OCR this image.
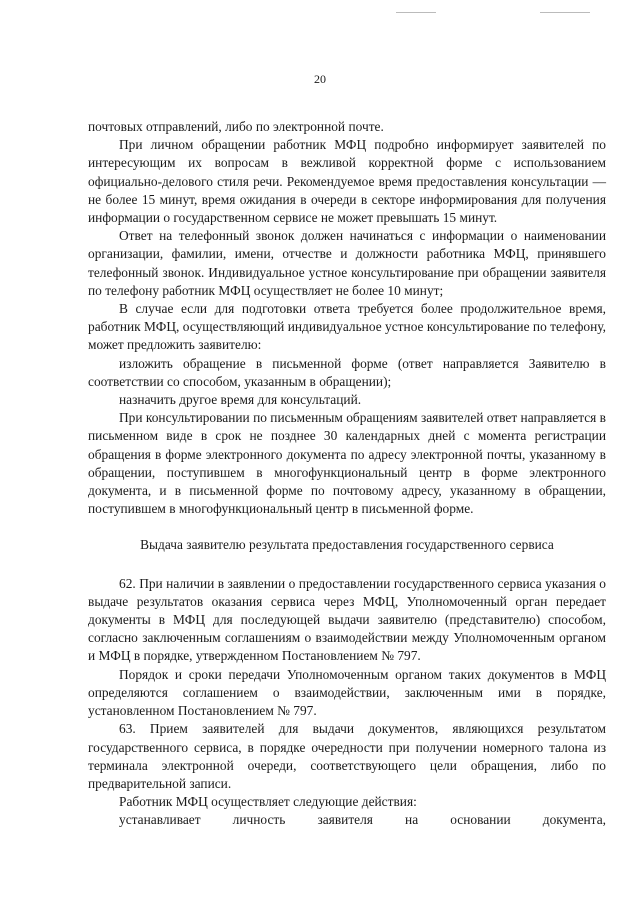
20

почтовых отправлений, либо по электронной почте.

При личном обращении работник МФЦ подробно информирует заявителей по интересующим их вопросам в вежливой корректной форме с использованием официально-делового стиля речи. Рекомендуемое время предоставления консультации — не более 15 минут, время ожидания в очереди в секторе информирования для получения информации о государственном сервисе не может превышать 15 минут.

Ответ на телефонный звонок должен начинаться с информации о наименовании организации, фамилии, имени, отчестве и должности работника МФЦ, принявшего телефонный звонок. Индивидуальное устное консультирование при обращении заявителя по телефону работник МФЦ осуществляет не более 10 минут;

В случае если для подготовки ответа требуется более продолжительное время, работник МФЦ, осуществляющий индивидуальное устное консультирование по телефону, может предложить заявителю:

изложить обращение в письменной форме (ответ направляется Заявителю в соответствии со способом, указанным в обращении);

назначить другое время для консультаций.

При консультировании по письменным обращениям заявителей ответ направляется в письменном виде в срок не позднее 30 календарных дней с момента регистрации обращения в форме электронного документа по адресу электронной почты, указанному в обращении, поступившем в многофункциональный центр в форме электронного документа, и в письменной форме по почтовому адресу, указанному в обращении, поступившем в многофункциональный центр в письменной форме.

Выдача заявителю результата предоставления государственного сервиса

62. При наличии в заявлении о предоставлении государственного сервиса указания о выдаче результатов оказания сервиса через МФЦ, Уполномоченный орган передает документы в МФЦ для последующей выдачи заявителю (представителю) способом, согласно заключенным соглашениям о взаимодействии между Уполномоченным органом и МФЦ в порядке, утвержденном Постановлением № 797.

Порядок и сроки передачи Уполномоченным органом таких документов в МФЦ определяются соглашением о взаимодействии, заключенным ими в порядке, установленном Постановлением № 797.

63. Прием заявителей для выдачи документов, являющихся результатом государственного сервиса, в порядке очередности при получении номерного талона из терминала электронной очереди, соответствующего цели обращения, либо по предварительной записи.

Работник МФЦ осуществляет следующие действия:

устанавливает личность заявителя на основании документа,
